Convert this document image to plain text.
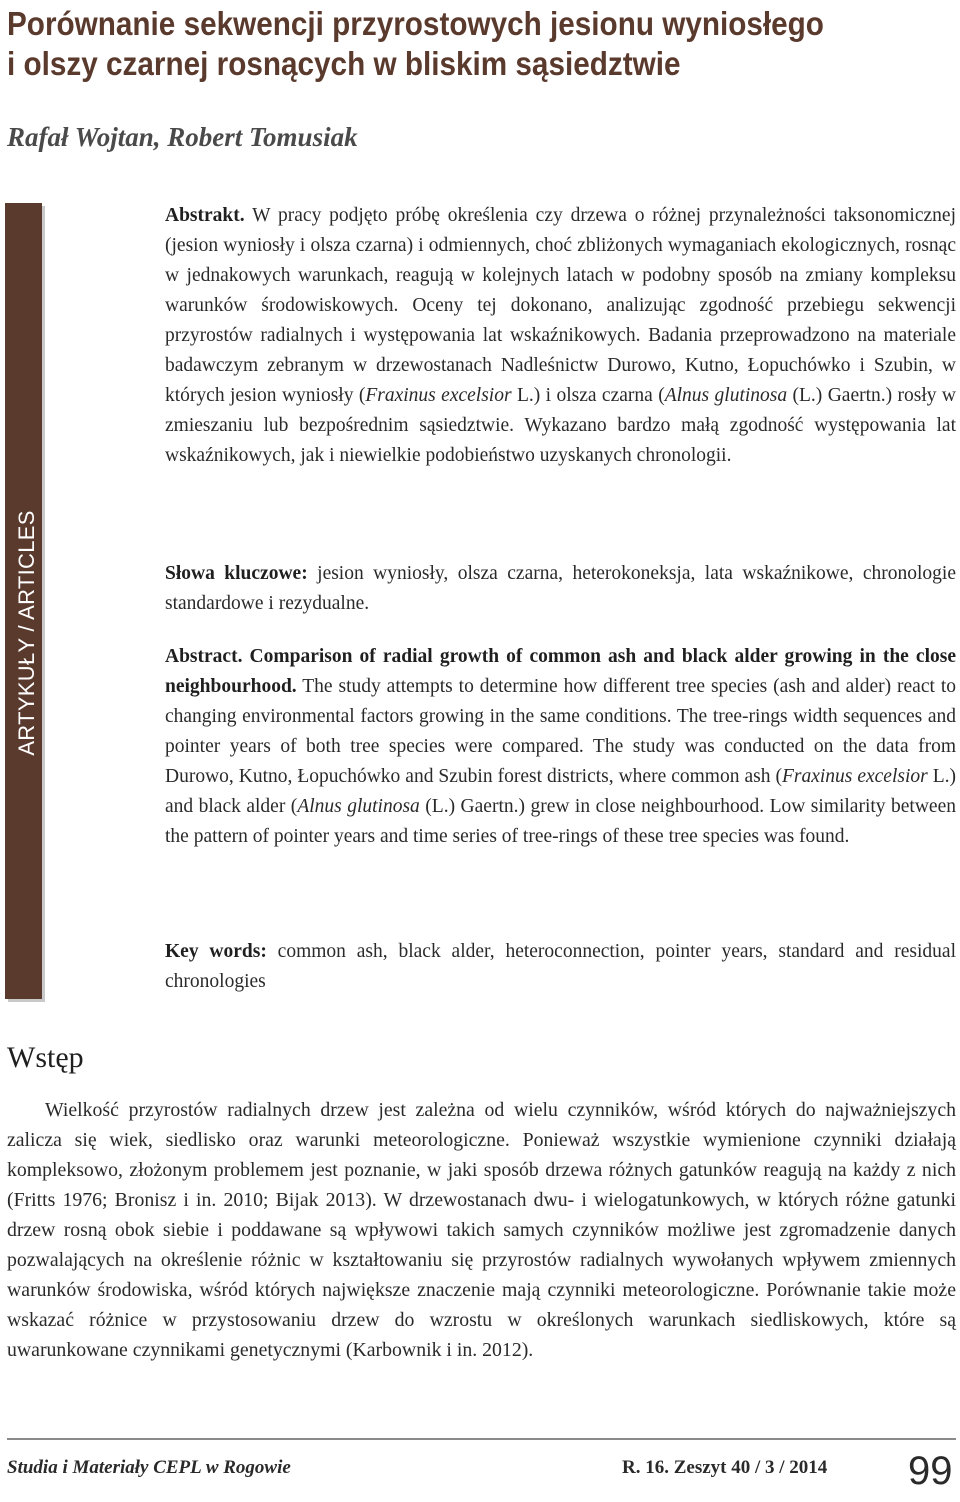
Porównanie sekwencji przyrostowych jesionu wyniosłego
i olszy czarnej rosnących w bliskim sąsiedztwie

Rafał Wojtan, Robert Tomusiak

ARTYKUŁY / ARTICLES

Abstrakt. W pracy podjęto próbę określenia czy drzewa o różnej przynależności taksonomicznej (jesion wyniosły i olsza czarna) i odmiennych, choć zbliżonych wymaganiach ekologicznych, rosnąc w jednakowych warunkach, reagują w kolejnych latach w podobny sposób na zmiany kompleksu warunków środowiskowych. Oceny tej dokonano, analizując zgodność przebiegu sekwencji przyrostów radialnych i występowania lat wskaźnikowych. Badania przeprowadzono na materiale badawczym zebranym w drzewostanach Nadleśnictw Durowo, Kutno, Łopuchówko i Szubin, w których jesion wyniosły (Fraxinus excelsior L.) i olsza czarna (Alnus glutinosa (L.) Gaertn.) rosły w zmieszaniu lub bezpośrednim sąsiedztwie. Wykazano bardzo małą zgodność występowania lat wskaźnikowych, jak i niewielkie podobieństwo uzyskanych chronologii.

Słowa kluczowe: jesion wyniosły, olsza czarna, heterokoneksja, lata wskaźnikowe, chronologie standardowe i rezydualne.

Abstract. Comparison of radial growth of common ash and black alder growing in the close neighbourhood. The study attempts to determine how different tree species (ash and alder) react to changing environmental factors growing in the same conditions. The tree-rings width sequences and pointer years of both tree species were compared. The study was conducted on the data from Durowo, Kutno, Łopuchówko and Szubin forest districts, where common ash (Fraxinus excelsior L.) and black alder (Alnus glutinosa (L.) Gaertn.) grew in close neighbourhood. Low similarity between the pattern of pointer years and time series of tree-rings of these tree species was found.

Key words: common ash, black alder, heteroconnection, pointer years, standard and residual chronologies

Wstęp

Wielkość przyrostów radialnych drzew jest zależna od wielu czynników, wśród których do najważniejszych zalicza się wiek, siedlisko oraz warunki meteorologiczne. Ponieważ wszystkie wymienione czynniki działają kompleksowo, złożonym problemem jest poznanie, w jaki sposób drzewa różnych gatunków reagują na każdy z nich (Fritts 1976; Bronisz i in. 2010; Bijak 2013). W drzewostanach dwu- i wielogatunkowych, w których różne gatunki drzew rosną obok siebie i poddawane są wpływowi takich samych czynników możliwe jest zgromadzenie danych pozwalających na określenie różnic w kształtowaniu się przyrostów radialnych wywołanych wpływem zmiennych warunków środowiska, wśród których największe znaczenie mają czynniki meteorologiczne. Porównanie takie może wskazać różnice w przystosowaniu drzew do wzrostu w określonych warunkach siedliskowych, które są uwarunkowane czynnikami genetycznymi (Karbownik i in. 2012).

Studia i Materiały CEPL w Rogowie	R. 16. Zeszyt 40 / 3 / 2014 99
